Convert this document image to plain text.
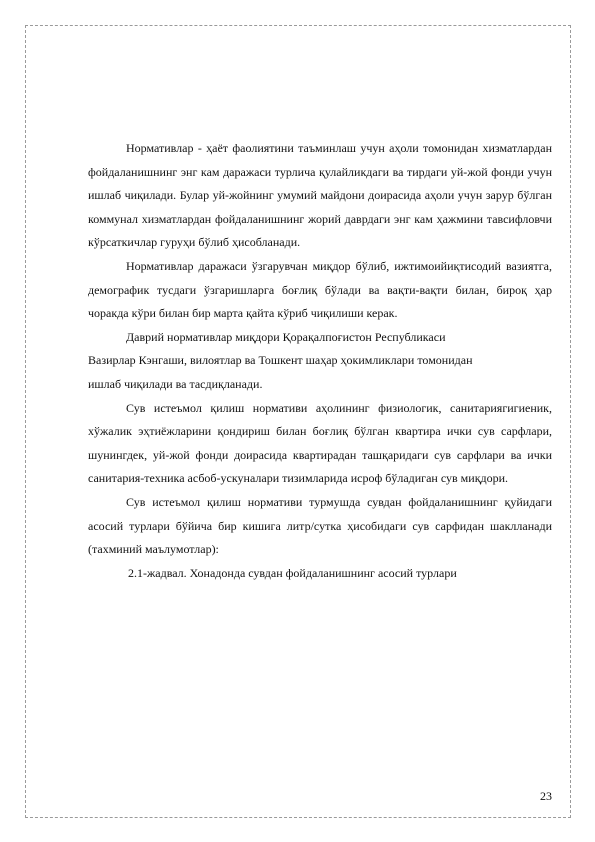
Нормативлар - ҳаёт фаолиятини таъминлаш учун аҳоли томонидан хизматлардан фойдаланишнинг энг кам даражаси турлича қулайликдаги ва тирдаги уй-жой фонди учун ишлаб чиқилади. Булар уй-жойнинг умумий майдони доирасида аҳоли учун зарур бўлган коммунал хизматлардан фойдаланишнинг жорий даврдаги энг кам ҳажмини тавсифловчи кўрсаткичлар гуруҳи бўлиб ҳисобланади.

Нормативлар даражаси ўзгарувчан миқдор бўлиб, ижтимоийиқтисодий вазиятга, демографик тусдаги ўзгаришларга боғлиқ бўлади ва вақти-вақти билан, бироқ ҳар чоракда кўри билан бир марта қайта кўриб чиқилиши керак.

Даврий нормативлар миқдори Қорақалпоғистон Республикаси

Вазирлар Кэнгаши, вилоятлар ва Тошкент шаҳар ҳокимликлари томонидан

ишлаб чиқилади ва тасдиқланади.

Сув истеъмол қилиш нормативи аҳолининг физиологик, санитариягигиеник, хўжалик эҳтиёжларини қондириш билан боғлиқ бўлган квартира ички сув сарфлари, шунингдек, уй-жой фонди доирасида квартирадан ташқаридаги сув сарфлари ва ички санитария-техника асбоб-ускуналари тизимларида исроф бўладиган сув миқдори.

Сув истеъмол қилиш нормативи турмушда сувдан фойдаланишнинг қуйидаги асосий турлари бўйича бир кишига литр/сутка ҳисобидаги сув сарфидан шаклланади (тахминий маълумотлар):

2.1-жадвал. Хонадонда сувдан фойдаланишнинг асосий турлари

23
